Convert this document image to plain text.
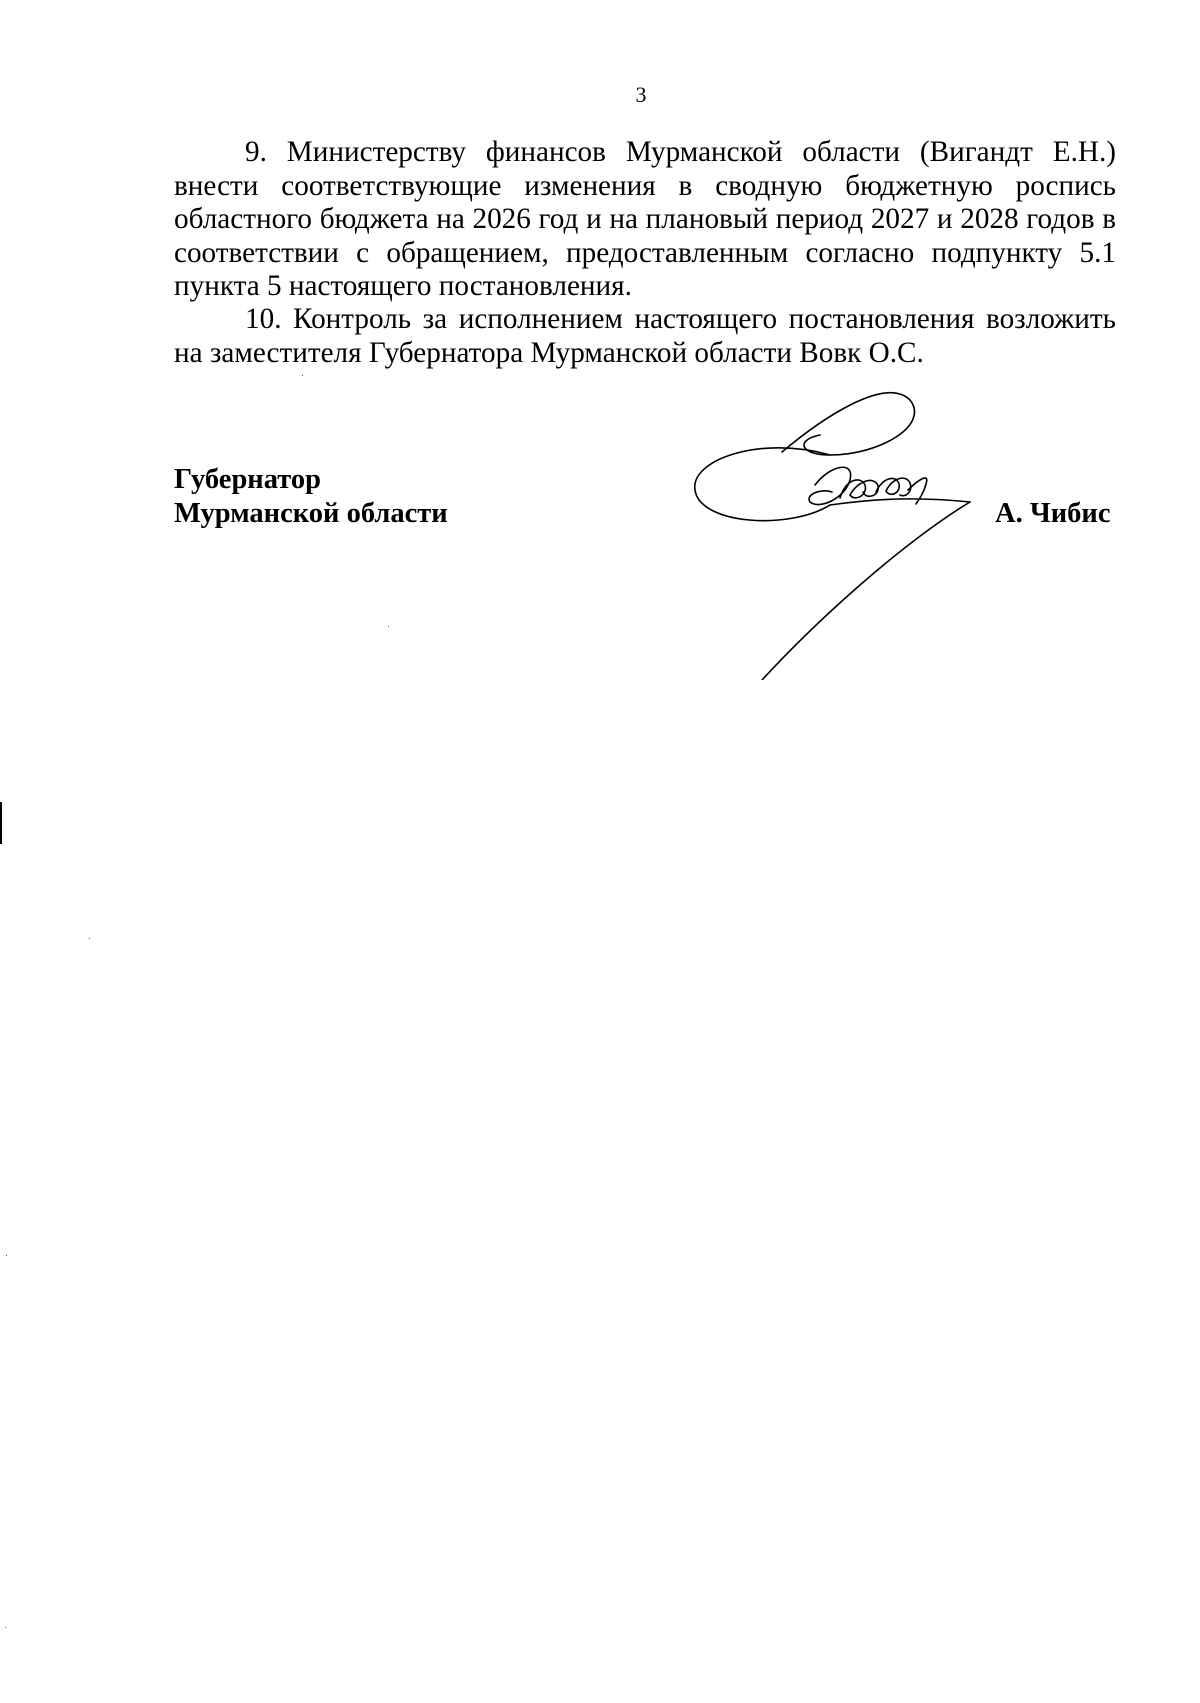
3

9. Министерству финансов Мурманской области (Вигандт Е.Н.) внести соответствующие изменения в сводную бюджетную роспись областного бюджета на 2026 год и на плановый период 2027 и 2028 годов в соответствии с обращением, предоставленным согласно подпункту 5.1 пункта 5 настоящего постановления.

10. Контроль за исполнением настоящего постановления возложить на заместителя Губернатора Мурманской области Вовк О.С.

Губернатор
Мурманской области	А. Чибис
